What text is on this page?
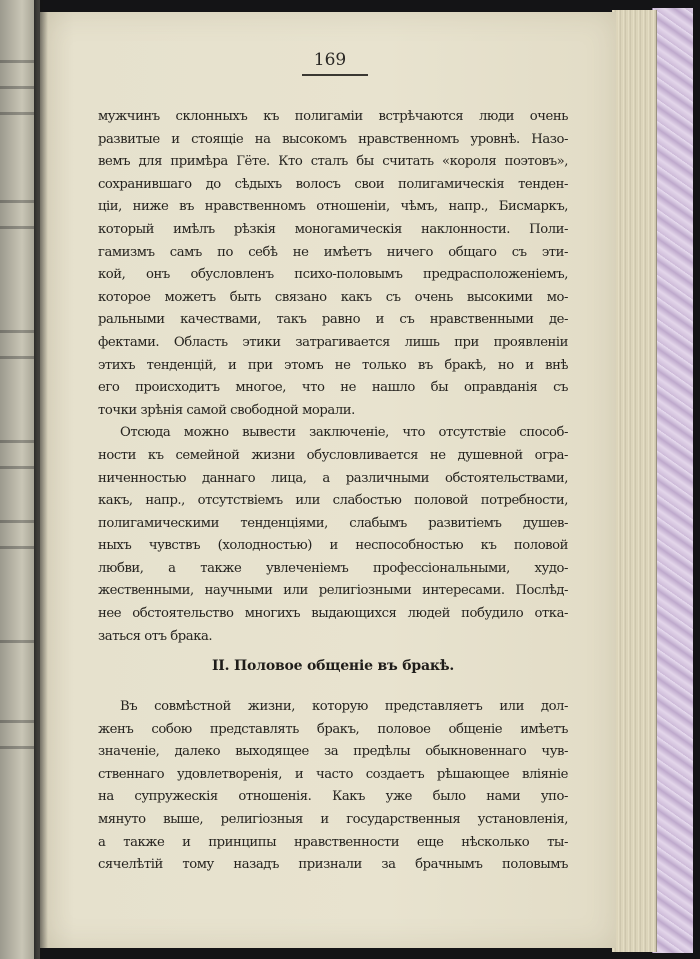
169
мужчинъ склонныхъ къ полигаміи встрѣчаются люди очень
развитые и стоящіе на высокомъ нравственномъ уровнѣ. Назо-
вемъ для примѣра Гёте. Кто сталъ бы считать «короля поэтовъ»,
сохранившаго до сѣдыхъ волосъ свои полигамическія тенден-
ціи, ниже въ нравственномъ отношеніи, чѣмъ, напр., Бисмаркъ,
который имѣлъ рѣзкія моногамическія наклонности. Поли-
гамизмъ самъ по себѣ не имѣетъ ничего общаго съ эти-
кой, онъ обусловленъ психо-половымъ предрасположеніемъ,
которое можетъ быть связано какъ съ очень высокими мо-
ральными качествами, такъ равно и съ нравственными де-
фектами. Область этики затрагивается лишь при проявленіи
этихъ тенденцій, и при этомъ не только въ бракѣ, но и внѣ
его происходитъ многое, что не нашло бы оправданія съ
точки зрѣнія самой свободной морали.
Отсюда можно вывести заключеніе, что отсутствіе способ-
ности къ семейной жизни обусловливается не душевной огра-
ниченностью даннаго лица, а различными обстоятельствами,
какъ, напр., отсутствіемъ или слабостью половой потребности,
полигамическими тенденціями, слабымъ развитіемъ душев-
ныхъ чувствъ (холодностью) и неспособностью къ половой
любви, а также увлеченіемъ профессіональными, худо-
жественными, научными или религіозными интересами. Послѣд-
нее обстоятельство многихъ выдающихся людей побудило отка-
заться отъ брака.
II. Половое общеніе въ бракѣ.
Въ совмѣстной жизни, которую представляетъ или дол-
женъ собою представлять бракъ, половое общеніе имѣетъ
значеніе, далеко выходящее за предѣлы обыкновеннаго чув-
ственнаго удовлетворенія, и часто создаетъ рѣшающее вліяніе
на супружескія отношенія. Какъ уже было нами упо-
мянуто выше, религіозныя и государственныя установленія,
а также и принципы нравственности еще нѣсколько ты-
сячелѣтій тому назадъ признали за брачнымъ половымъ
